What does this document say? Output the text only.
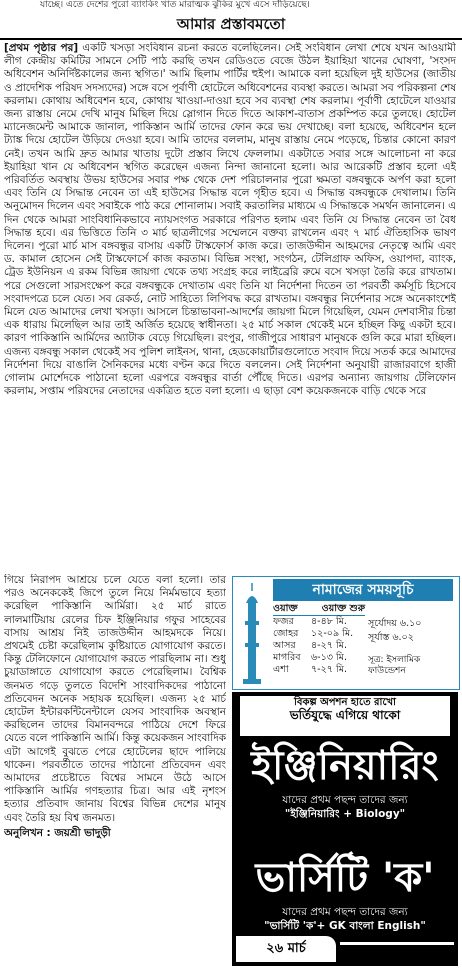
যাচ্ছে। এতে দেশের পুরো ব্যাংকিং খাত মারাত্মক ঝুঁকির মুখে এসে দাঁড়িয়েছে।
আমার প্রস্তাবমতো
[প্রথম পৃষ্ঠার পর] একটি খসড়া সংবিধান রচনা করতে বলেছিলেন। সেই সংবিধান লেখা শেষে যখন আওয়ামী লীগ কেন্দ্রীয় কমিটির সামনে সেটি পাঠ করছি তখন রেডিওতে বেজে উঠল ইয়াহিয়া খানের ঘোষণা, 'সংসদ অধিবেশন অনির্দিষ্টকালের জন্য স্থগিত।' আমি ছিলাম পার্টির হুইপ। আমাকে বলা হয়েছিল দুই হাউসের (জাতীয় ও প্রাদেশিক পরিষদ সদস্যদের) সঙ্গে বসে পূর্বাণী হোটেলে অধিবেশনের ব্যবস্থা করতে। আমরা সব পরিকল্পনা শেষ করলাম। কোথায় অধিবেশন হবে, কোথায় খাওয়া-দাওয়া হবে সব ব্যবস্থা শেষ করলাম। পূর্বাণী হোটেলে যাওয়ার জন্য রাস্তায় নেমে দেখি মানুষ মিছিল দিয়ে স্লোগান দিতে দিতে আকাশ-বাতাস প্রকম্পিত করে তুলছে। হোটেল ম্যানেজমেন্ট আমাকে জানাল, পাকিস্তান আর্মি তাদের ফোন করে ভয় দেখাচ্ছে। বলা হয়েছে, অধিবেশন হলে ট্যাঙ্ক দিয়ে হোটেল উড়িয়ে দেওয়া হবে। আমি তাদের বললাম, মানুষ রাস্তায় নেমে পড়েছে, চিন্তার কোনো কারণ নেই। তখন আমি দ্রুত আমার খাতায় দুটো প্রস্তাব লিখে ফেললাম। একটাতে সবার সঙ্গে আলোচনা না করে ইয়াহিয়া খান যে অধিবেশন স্থগিত করেছেন এজন্য নিন্দা জানানো হলো। আর আরেকটি প্রস্তাব হলো এই পরিবর্তিত অবস্থায় উভয় হাউসের সবার পক্ষ থেকে দেশ পরিচালনার পুরো ক্ষমতা বঙ্গবন্ধুকে অর্পণ করা হলো এবং তিনি যে সিদ্ধান্ত নেবেন তা এই হাউসের সিদ্ধান্ত বলে গৃহীত হবে। এ সিদ্ধান্ত বঙ্গবন্ধুকে দেখালাম। তিনি অনুমোদন দিলেন এবং সবাইকে পাঠ করে শোনালাম। সবাই করতালির মাধ্যমে এ সিদ্ধান্তকে সমর্থন জানালেন। এ দিন থেকে আমরা সাংবিধানিকভাবে ন্যায়সংগত সরকারে পরিণত হলাম এবং তিনি যে সিদ্ধান্ত নেবেন তা বৈধ সিদ্ধান্ত হবে। এর ভিত্তিতে তিনি ৩ মার্চ ছাত্রলীগের সম্মেলনে বক্তব্য রাখলেন এবং ৭ মার্চ ঐতিহাসিক ভাষণ দিলেন। পুরো মার্চ মাস বঙ্গবন্ধুর বাসায় একটি টাস্কফোর্স কাজ করে। তাজউদ্দীন আহমদের নেতৃত্বে আমি এবং ড. কামাল হোসেন সেই টাস্কফোর্সে কাজ করতাম। বিভিন্ন সংস্থা, সংগঠন, টেলিগ্রাফ অফিস, ওয়াপদা, ব্যাংক, ট্রেড ইউনিয়ন এ রকম বিভিন্ন জায়গা থেকে তথ্য সংগ্রহ করে লাইব্রেরি রুমে বসে খসড়া তৈরি করে রাখতাম। পরে সেগুলো সারসংক্ষেপ করে বঙ্গবন্ধুকে দেখাতাম এবং তিনি যা নির্দেশনা দিতেন তা পরবর্তী কর্মসূচি হিসেবে সংবাদপত্রে চলে যেত। সব রেকর্ড, নোট সাহিত্যে লিপিবদ্ধ করে রাখতাম। বঙ্গবন্ধুর নির্দেশনার সঙ্গে অনেকাংশেই মিলে যেত আমাদের লেখা খসড়া। আসলে চিন্তাভাবনা-আদর্শের জায়গা মিলে গিয়েছিল, যেমন দেশবাসীর চিন্তা এক ধারায় মিলেছিল আর তাই অর্জিত হয়েছে স্বাধীনতা। ২৫ মার্চ সকাল থেকেই মনে হচ্ছিল কিছু একটা হবে। কারণ পাকিস্তানি আর্মিদের অ্যাটাক বেড়ে গিয়েছিল। রংপুর, গাজীপুরে সাধারণ মানুষকে গুলি করে মারা হচ্ছিল। এজন্য বঙ্গবন্ধু সকাল থেকেই সব পুলিশ লাইনস, থানা, হেডকোয়ার্টারগুলোতে সংবাদ দিয়ে সতর্ক করে আমাদের নির্দেশনা দিয়ে বাঙালি সৈনিকদের মধ্যে বণ্টন করে দিতে বললেন। সেই নির্দেশনা অনুযায়ী রাজারবাগে হাজী গোলাম মোর্শেদকে পাঠানো হলো এরপরে বঙ্গবন্ধুর বার্তা পৌঁছে দিতে। এরপর অন্যান্য জায়গায় টেলিফোন করলাম, সপ্তাম পরিষদের নেতাদের একত্রিত হতে বলা হলো। এ ছাড়া বেশ কয়েকজনকে বাড়ি থেকে সরে
গিয়ে নিরাপদ আশ্রয়ে চলে যেতে বলা হলো। তার পরও অনেককেই জিপে তুলে নিয়ে নির্মমভাবে হত্যা করেছিল পাকিস্তানি আর্মিরা। ২৫ মার্চ রাতে লালমাটিয়ায় রেলের চিফ ইঞ্জিনিয়ার গফুর সাহেবের বাসায় আশ্রয় নিই তাজউদ্দীন আহমদকে নিয়ে। প্রথমেই চেষ্টা করেছিলাম কুষ্টিয়াতে যোগাযোগ করতে। কিন্তু টেলিফোনে যোগাযোগ করতে পারছিলাম না। শুধু চুয়াডাঙ্গাতে যোগাযোগ করতে পেরেছিলাম। বৈশ্বিক জনমত গড়ে তুলতে বিদেশি সাংবাদিকদের পাঠানো প্রতিবেদন অনেক সহায়ক হয়েছিল। এজন্য ২৫ মার্চ হোটেল ইন্টারকন্টিনেন্টালে যেসব সাংবাদিক অবস্থান করছিলেন তাদের বিমানবন্দরে পাঠিয়ে দেশে ফিরে যেতে বলে পাকিস্তানি আর্মি। কিন্তু কয়েকজন সাংবাদিক এটা আগেই বুঝতে পেরে হোটেলের ছাদে পালিয়ে থাকেন। পরবর্তীতে তাদের পাঠানো প্রতিবেদন এবং আমাদের প্রচেষ্টাতে বিশ্বের সামনে উঠে আসে পাকিস্তানি আর্মির গণহত্যার চিত্র। আর এই নৃশংস হত্যার প্রতিবাদ জানায় বিশ্বের বিভিন্ন দেশের মানুষ এবং তৈরি হয় বিশ্ব জনমত।
অনুলিখন : জয়শ্রী ভাদুড়ী
নামাজের সময়সূচি
ওয়াক্ত	ওয়াক্ত শুরু
ফজর	৪-৪৮ মি.
জোহর	১২-০৯ মি.
আসর	৪-২৭ মি.
মাগরিব	৬-১৩ মি.
এশা	৭-২৭ মি.
সূর্যোদয় ৬.১০
সূর্যাস্ত ৬.০২
সূত্র: ইসলামিক ফাউন্ডেশন
বিকল্প অপশন হাতে রাখো
ভর্তিযুদ্ধে এগিয়ে থাকো
ইঞ্জিনিয়ারিং
যাদের প্রথম পছন্দ তাদের জন্য
"ইঞ্জিনিয়ারিং + Biology"
ভার্সিটি 'ক'
যাদের প্রথম পছন্দ তাদের জন্য
"ভার্সিটি 'ক'+ GK বাংলা English"
২৬ মার্চ
